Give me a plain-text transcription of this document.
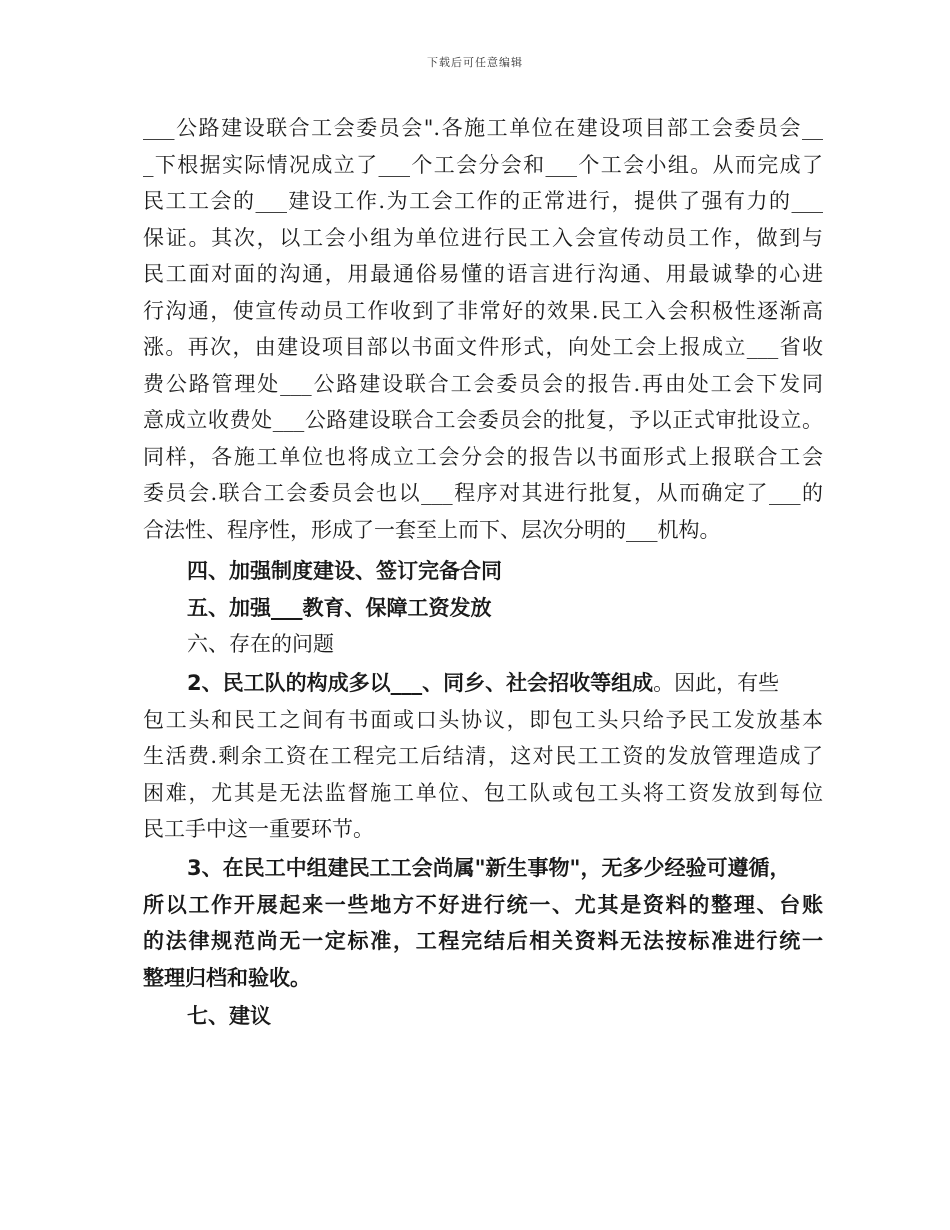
下载后可任意编辑
___公路建设联合工会委员会".各施工单位在建设项目部工会委员会__
_下根据实际情况成立了___个工会分会和___个工会小组。从而完成了
民工工会的___建设工作.为工会工作的正常进行，提供了强有力的___
保证。其次，以工会小组为单位进行民工入会宣传动员工作，做到与
民工面对面的沟通，用最通俗易懂的语言进行沟通、用最诚挚的心进
行沟通，使宣传动员工作收到了非常好的效果.民工入会积极性逐渐高
涨。再次，由建设项目部以书面文件形式，向处工会上报成立___省收
费公路管理处___公路建设联合工会委员会的报告.再由处工会下发同
意成立收费处___公路建设联合工会委员会的批复，予以正式审批设立。
同样，各施工单位也将成立工会分会的报告以书面形式上报联合工会
委员会.联合工会委员会也以___程序对其进行批复，从而确定了___的
合法性、程序性，形成了一套至上而下、层次分明的___机构。
四、加强制度建设、签订完备合同
五、加强___教育、保障工资发放
六、存在的问题
2、民工队的构成多以___、同乡、社会招收等组成。因此，有些
包工头和民工之间有书面或口头协议，即包工头只给予民工发放基本
生活费.剩余工资在工程完工后结清，这对民工工资的发放管理造成了
困难，尤其是无法监督施工单位、包工队或包工头将工资发放到每位
民工手中这一重要环节。
3、在民工中组建民工工会尚属"新生事物"，无多少经验可遵循，
所以工作开展起来一些地方不好进行统一、尤其是资料的整理、台账
的法律规范尚无一定标准，工程完结后相关资料无法按标准进行统一
整理归档和验收。
七、建议
